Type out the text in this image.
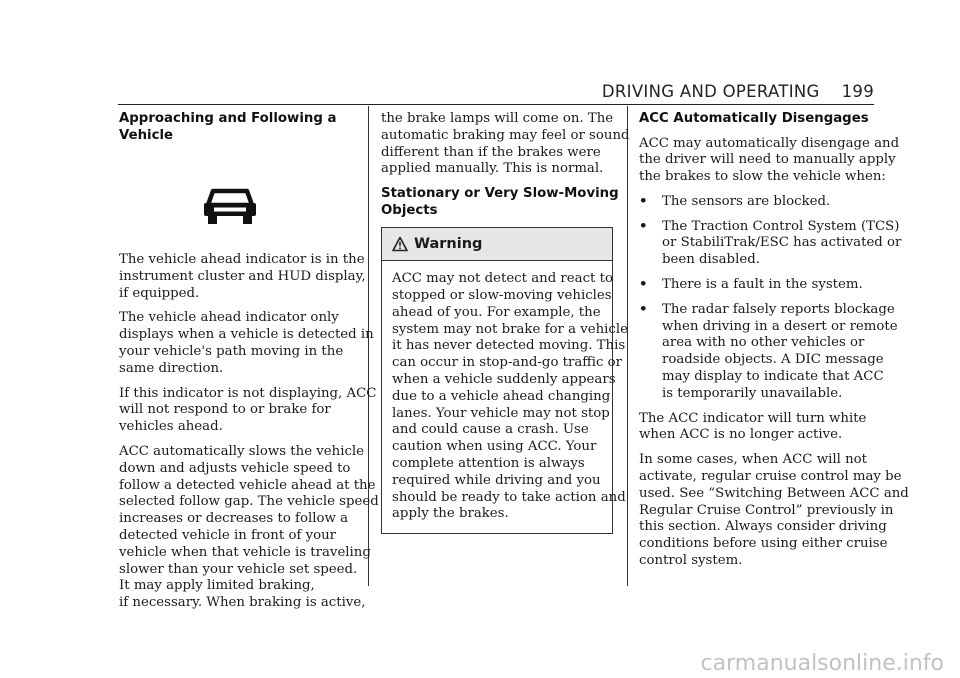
DRIVING AND OPERATING 199
Approaching and Following a
Vehicle

The vehicle ahead indicator is in the
instrument cluster and HUD display,
if equipped.

The vehicle ahead indicator only
displays when a vehicle is detected in
your vehicle's path moving in the
same direction.

If this indicator is not displaying, ACC
will not respond to or brake for
vehicles ahead.

ACC automatically slows the vehicle
down and adjusts vehicle speed to
follow a detected vehicle ahead at the
selected follow gap. The vehicle speed
increases or decreases to follow a
detected vehicle in front of your
vehicle when that vehicle is traveling
slower than your vehicle set speed.
It may apply limited braking,
if necessary. When braking is active,

the brake lamps will come on. The
automatic braking may feel or sound
different than if the brakes were
applied manually. This is normal.

Stationary or Very Slow-Moving
Objects
Warning
ACC may not detect and react to
stopped or slow-moving vehicles
ahead of you. For example, the
system may not brake for a vehicle
it has never detected moving. This
can occur in stop-and-go traffic or
when a vehicle suddenly appears
due to a vehicle ahead changing
lanes. Your vehicle may not stop
and could cause a crash. Use
caution when using ACC. Your
complete attention is always
required while driving and you
should be ready to take action and
apply the brakes.
ACC Automatically Disengages

ACC may automatically disengage and
the driver will need to manually apply
the brakes to slow the vehicle when:

•	The sensors are blocked.
•	The Traction Control System (TCS)
or StabiliTrak/ESC has activated or
been disabled.
•	There is a fault in the system.
•	The radar falsely reports blockage
when driving in a desert or remote
area with no other vehicles or
roadside objects. A DIC message
may display to indicate that ACC
is temporarily unavailable.

The ACC indicator will turn white
when ACC is no longer active.

In some cases, when ACC will not
activate, regular cruise control may be
used. See “Switching Between ACC and
Regular Cruise Control” previously in
this section. Always consider driving
conditions before using either cruise
control system.

carmanualsonline.info
